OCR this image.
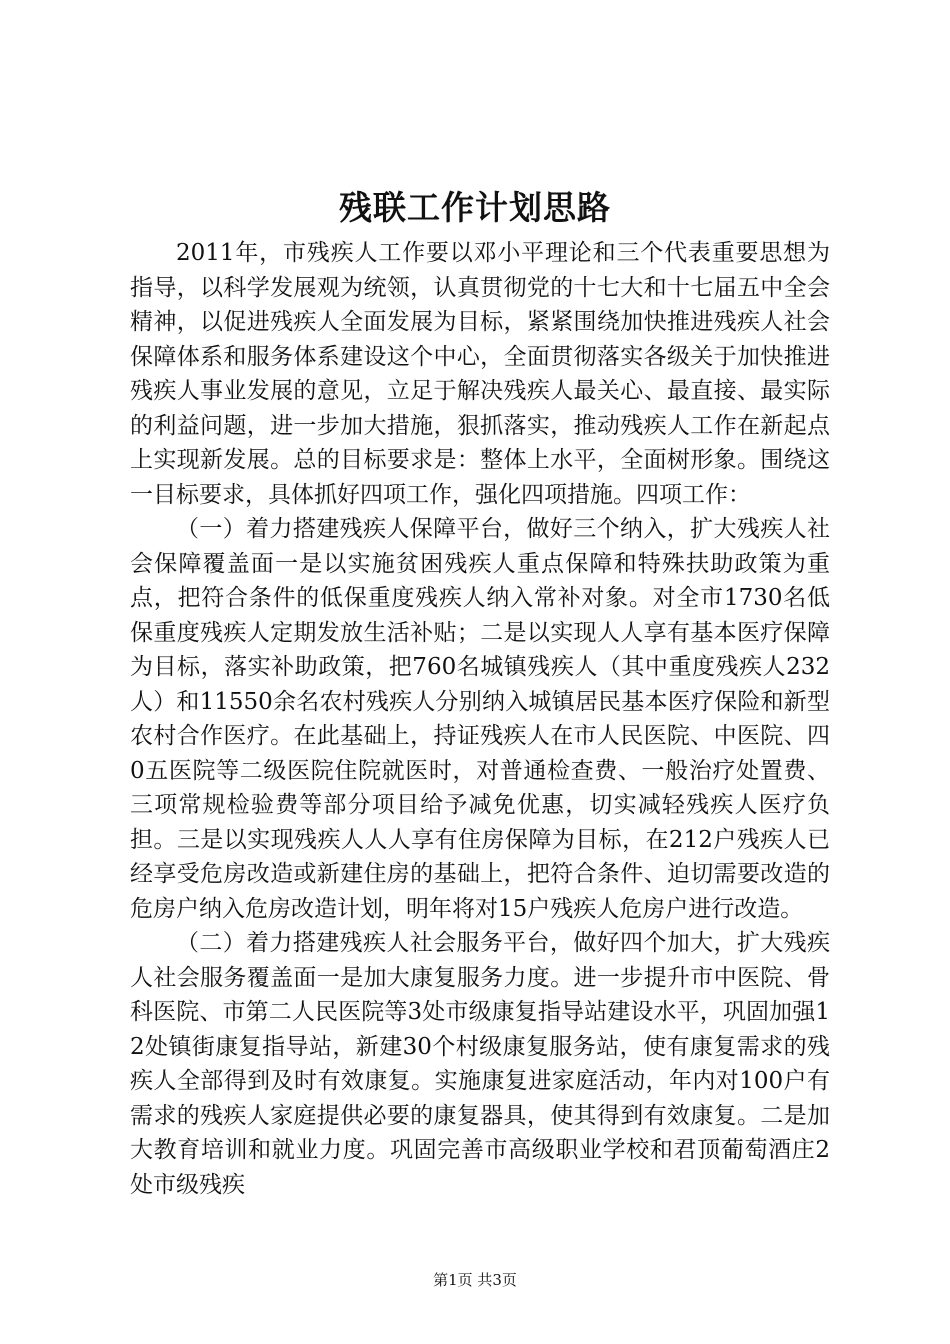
残联工作计划思路

2011年，市残疾人工作要以邓小平理论和三个代表重要思想为指导，以科学发展观为统领，认真贯彻党的十七大和十七届五中全会精神，以促进残疾人全面发展为目标，紧紧围绕加快推进残疾人社会保障体系和服务体系建设这个中心，全面贯彻落实各级关于加快推进残疾人事业发展的意见，立足于解决残疾人最关心、最直接、最实际的利益问题，进一步加大措施，狠抓落实，推动残疾人工作在新起点上实现新发展。总的目标要求是：整体上水平，全面树形象。围绕这一目标要求，具体抓好四项工作，强化四项措施。四项工作：

（一）着力搭建残疾人保障平台，做好三个纳入，扩大残疾人社会保障覆盖面一是以实施贫困残疾人重点保障和特殊扶助政策为重点，把符合条件的低保重度残疾人纳入常补对象。对全市1730名低保重度残疾人定期发放生活补贴；二是以实现人人享有基本医疗保障为目标，落实补助政策，把760名城镇残疾人（其中重度残疾人232人）和11550余名农村残疾人分别纳入城镇居民基本医疗保险和新型农村合作医疗。在此基础上，持证残疾人在市人民医院、中医院、四0五医院等二级医院住院就医时，对普通检查费、一般治疗处置费、三项常规检验费等部分项目给予减免优惠，切实减轻残疾人医疗负担。三是以实现残疾人人人享有住房保障为目标，在212户残疾人已经享受危房改造或新建住房的基础上，把符合条件、迫切需要改造的危房户纳入危房改造计划，明年将对15户残疾人危房户进行改造。

（二）着力搭建残疾人社会服务平台，做好四个加大，扩大残疾人社会服务覆盖面一是加大康复服务力度。进一步提升市中医院、骨科医院、市第二人民医院等3处市级康复指导站建设水平，巩固加强12处镇街康复指导站，新建30个村级康复服务站，使有康复需求的残疾人全部得到及时有效康复。实施康复进家庭活动，年内对100户有需求的残疾人家庭提供必要的康复器具，使其得到有效康复。二是加大教育培训和就业力度。巩固完善市高级职业学校和君顶葡萄酒庄2处市级残疾

第1页 共3页
